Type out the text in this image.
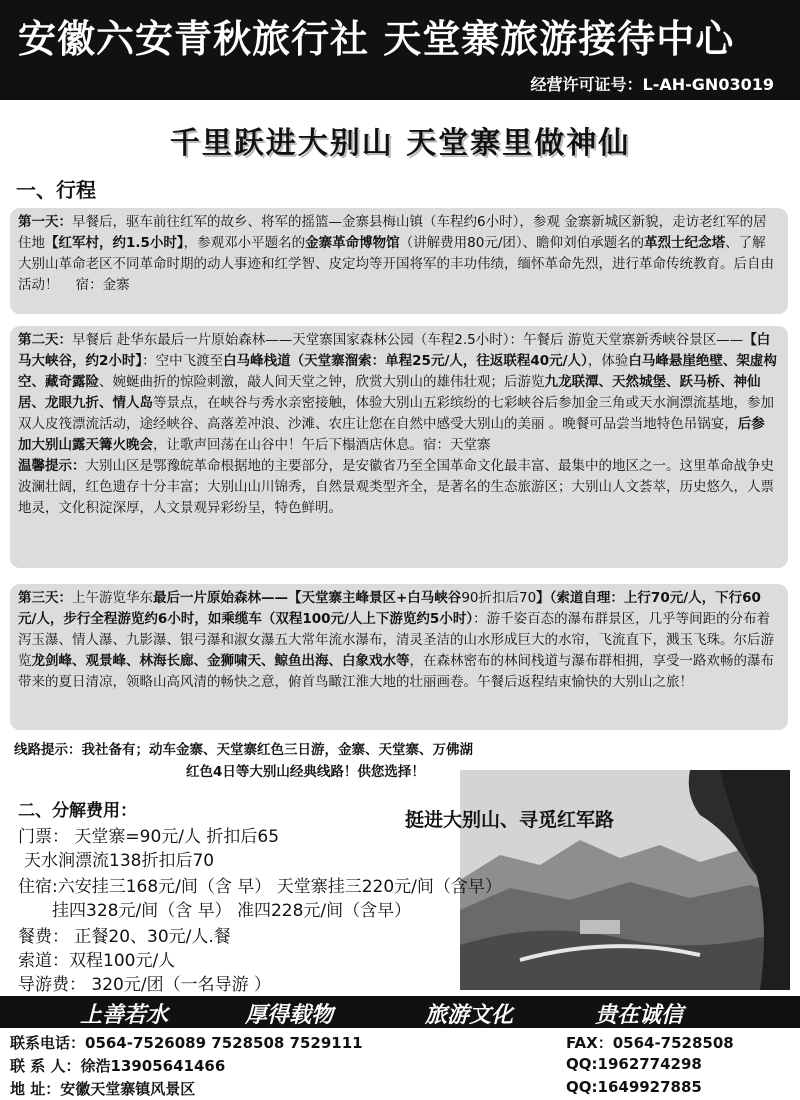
安徽六安青秋旅行社 天堂寨旅游接待中心
经营许可证号：L-AH-GN03019
千里跃进大别山 天堂寨里做神仙
一、行程

第一天：早餐后，驱车前往红军的故乡、将军的摇篮—金寨县梅山镇（车程约6小时），参观 金寨新城区新貌，走访老红军的居住地【红军村，约1.5小时】，参观邓小平题名的金寨革命博物馆（讲解费用80元/团）、瞻仰刘伯承题名的革烈士纪念塔、了解大别山革命老区不同革命时期的动人事迹和红学智、皮定均等开国将军的丰功伟绩，缅怀革命先烈，进行革命传统教育。后自由活动！ 宿：金寨

第二天：早餐后 赴华东最后一片原始森林——天堂寨国家森林公园（车程2.5小时）：午餐后 游览天堂寨新秀峡谷景区——【白马大峡谷，约2小时】：空中飞渡至白马峰栈道（天堂寨溜索：单程25元/人，往返联程40元/人），体验白马峰悬崖绝壁、架虚构空、藏奇露险、婉蜒曲折的惊险刺激，敲人间天堂之钟，欣赏大别山的雄伟壮观；后游览九龙联潭、天然城堡、跃马桥、神仙居、龙眼九折、情人岛等景点，在峡谷与秀水亲密接触，体验大别山五彩缤纷的七彩峡谷后参加金三角或天水涧漂流基地，参加双人皮筏漂流活动，途经峡谷、高落差冲浪、沙滩、农庄让您在自然中感受大别山的美丽 。晚餐可品尝当地特色吊锅宴，后参加大别山露天篝火晚会，让歌声回荡在山谷中！午后下榻酒店休息。宿：天堂寨

温馨提示：大别山区是鄂豫皖革命根据地的主要部分，是安徽省乃至全国革命文化最丰富、最集中的地区之一。这里革命战争史波澜壮阔，红色遗存十分丰富；大别山山川锦秀，自然景观类型齐全，是著名的生态旅游区；大别山人文荟萃，历史悠久，人票地灵，文化积淀深厚，人文景观异彩纷呈，特色鲜明。

第三天：上午游览华东最后一片原始森林——【天堂寨主峰景区+白马峡谷90折扣后70】（索道自理：上行70元/人，下行60元/人，步行全程游览约6小时，如乘缆车（双程100元/人上下游览约5小时）：游千姿百态的瀑布群景区，几乎等间距的分布着泻玉瀑、情人瀑、九影瀑、银弓瀑和淑女瀑五大常年流水瀑布，清灵圣洁的山水形成巨大的水帘，飞流直下，溅玉飞珠。尔后游览龙剑峰、观景峰、林海长廊、金狮啸天、鲸鱼出海、白象戏水等，在森林密布的林间栈道与瀑布群相拥，享受一路欢畅的瀑布带来的夏日清凉，领略山高风清的畅快之意，俯首鸟瞰江淮大地的壮丽画卷。午餐后返程结束愉快的大别山之旅！

线路提示：我社备有；动车金寨、天堂寨红色三日游，金寨、天堂寨、万佛湖
红色4日等大别山经典线路！供您选择！
二、分解费用：	挺进大别山、寻觅红军路
门票： 天堂寨=90元/人 折扣后65
天水涧漂流138折扣后70
住宿:六安挂三168元/间（含 早） 天堂寨挂三220元/间（含早）
挂四328元/间（含 早） 准四228元/间（含早）
餐费： 正餐20、30元/人.餐
索道：双程100元/人
导游费： 320元/团（一名导游 ）
上善若水	厚得载物	旅游文化	贵在诚信
联系电话：0564-7526089 7528508 7529111
联 系 人：徐浩13905641466
地 址：安徽天堂寨镇风景区
FAX：0564-7528508
QQ:1962774298
QQ:1649927885
